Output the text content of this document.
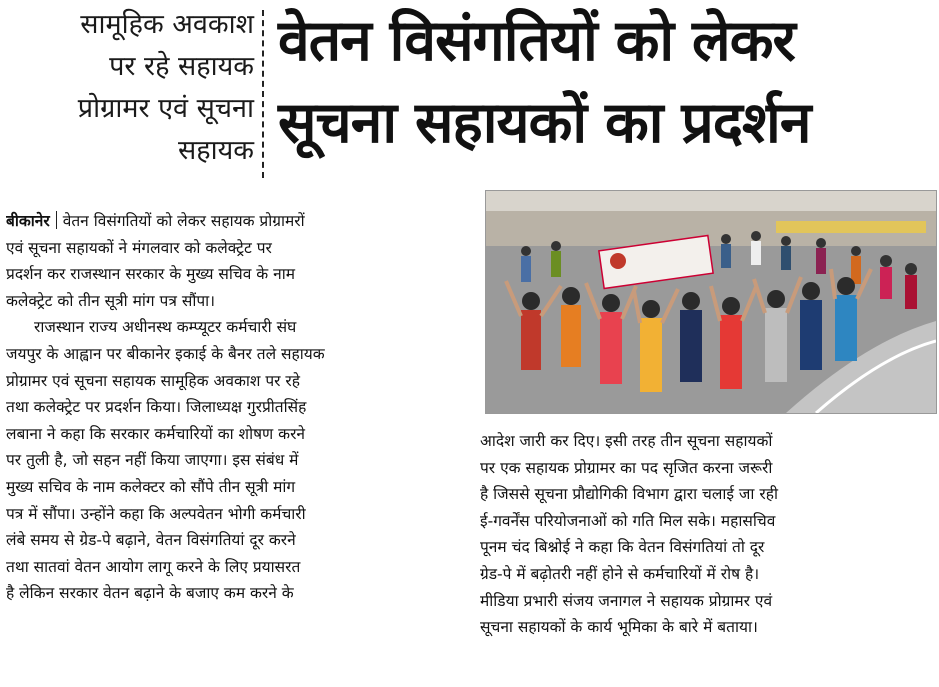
सामूहिक अवकाश
पर रहे सहायक
प्रोग्रामर एवं सूचना
सहायक
वेतन विसंगतियों को लेकर
सूचना सहायकों का प्रदर्शन
बीकानेर वेतन विसंगतियों को लेकर सहायक प्रोग्रामरों
एवं सूचना सहायकों ने मंगलवार को कलेक्ट्रेट पर
प्रदर्शन कर राजस्थान सरकार के मुख्य सचिव के नाम
कलेक्ट्रेट को तीन सूत्री मांग पत्र सौंपा।
राजस्थान राज्य अधीनस्थ कम्प्यूटर कर्मचारी संघ
जयपुर के आह्वान पर बीकानेर इकाई के बैनर तले सहायक
प्रोग्रामर एवं सूचना सहायक सामूहिक अवकाश पर रहे
तथा कलेक्ट्रेट पर प्रदर्शन किया। जिलाध्यक्ष गुरप्रीतसिंह
लबाना ने कहा कि सरकार कर्मचारियों का शोषण करने
पर तुली है, जो सहन नहीं किया जाएगा। इस संबंध में
मुख्य सचिव के नाम कलेक्टर को सौंपे तीन सूत्री मांग
पत्र में सौंपा। उन्होंने कहा कि अल्पवेतन भोगी कर्मचारी
लंबे समय से ग्रेड-पे बढ़ाने, वेतन विसंगतियां दूर करने
तथा सातवां वेतन आयोग लागू करने के लिए प्रयासरत
है लेकिन सरकार वेतन बढ़ाने के बजाए कम करने के
आदेश जारी कर दिए। इसी तरह तीन सूचना सहायकों
पर एक सहायक प्रोग्रामर का पद सृजित करना जरूरी
है जिससे सूचना प्रौद्योगिकी विभाग द्वारा चलाई जा रही
ई-गवर्नेंस परियोजनाओं को गति मिल सके। महासचिव
पूनम चंद बिश्नोई ने कहा कि वेतन विसंगतियां तो दूर
ग्रेड-पे में बढ़ोतरी नहीं होने से कर्मचारियों में रोष है।
मीडिया प्रभारी संजय जनागल ने सहायक प्रोग्रामर एवं
सूचना सहायकों के कार्य भूमिका के बारे में बताया।
